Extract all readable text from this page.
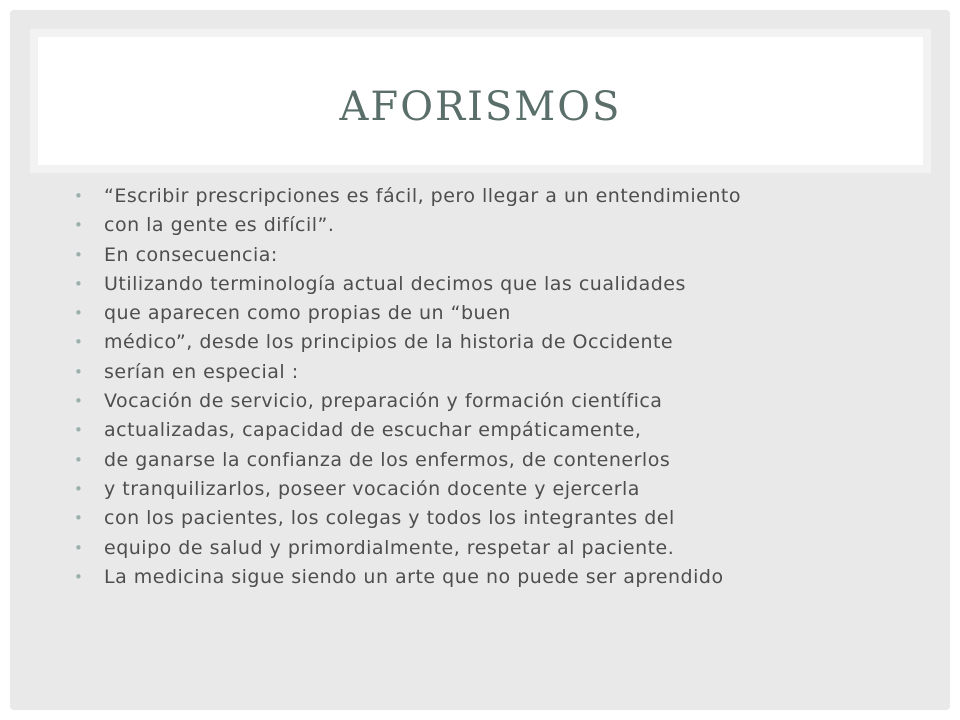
AFORISMOS
•	“Escribir prescripciones es fácil, pero llegar a un entendimiento
•	con la gente es difícil”.
•	En consecuencia:
•	Utilizando terminología actual decimos que las cualidades
•	que aparecen como propias de un “buen
•	médico”, desde los principios de la historia de Occidente
•	serían en especial :
•	Vocación de servicio, preparación y formación científica
•	actualizadas, capacidad de escuchar empáticamente,
•	de ganarse la confianza de los enfermos, de contenerlos
•	y tranquilizarlos, poseer vocación docente y ejercerla
•	con los pacientes, los colegas y todos los integrantes del
•	equipo de salud y primordialmente, respetar al paciente.
•	La medicina sigue siendo un arte que no puede ser aprendido
